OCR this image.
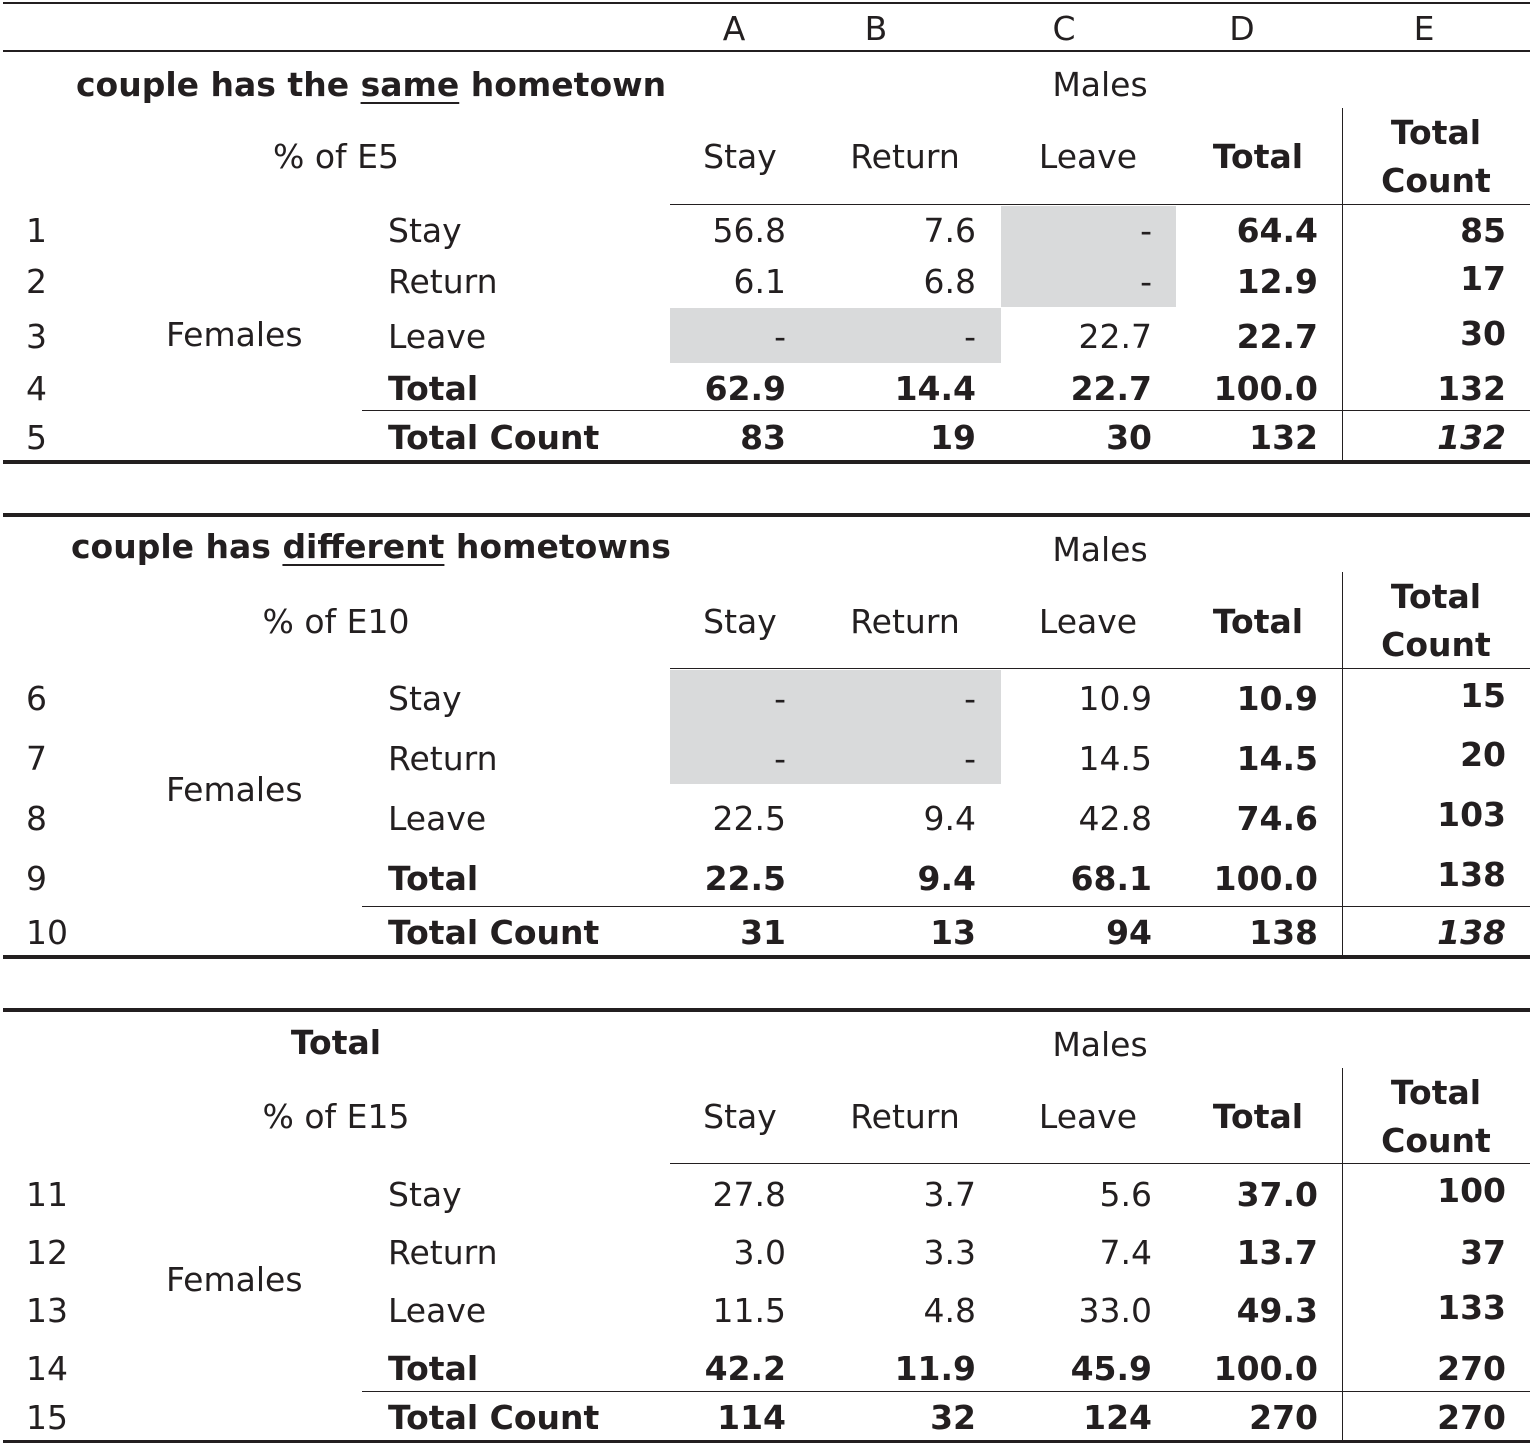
A	B	C	D	E
couple has the same hometown	Males
% of E5	Stay	Return	Leave	Total
Total
Count
Females
1	Stay	56.8	7.6	-	64.4	85
2	Return	6.1	6.8	-	12.9	17
3	Leave	-	-	22.7	22.7	30
4	Total	62.9	14.4	22.7	100.0	132
5	Total Count	83	19	30	132	132
couple has different hometowns	Males
% of E10	Stay	Return	Leave	Total
Total
Count
Females
6	Stay	-	-	10.9	10.9	15
7	Return	-	-	14.5	14.5	20
8	Leave	22.5	9.4	42.8	74.6	103
9	Total	22.5	9.4	68.1	100.0	138
10	Total Count	31	13	94	138	138
Total	Males
% of E15	Stay	Return	Leave	Total
Total
Count
Females
11	Stay	27.8	3.7	5.6	37.0	100
12	Return	3.0	3.3	7.4	13.7	37
13	Leave	11.5	4.8	33.0	49.3	133
14	Total	42.2	11.9	45.9	100.0	270
15	Total Count	114	32	124	270	270
